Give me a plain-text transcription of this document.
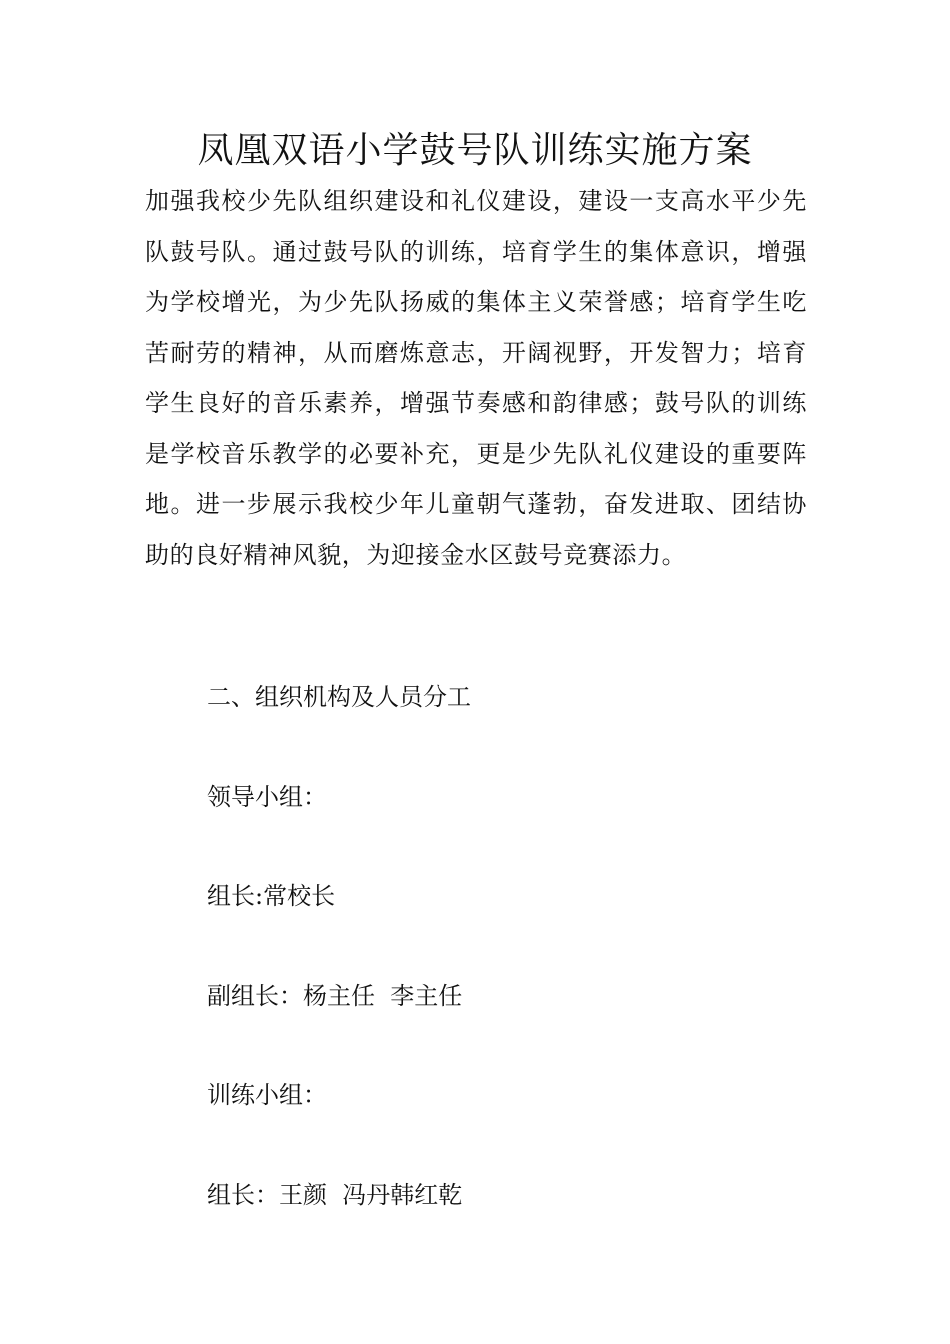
凤凰双语小学鼓号队训练实施方案

加强我校少先队组织建设和礼仪建设，建设一支高水平少先队鼓号队。通过鼓号队的训练，培育学生的集体意识，增强为学校增光，为少先队扬威的集体主义荣誉感；培育学生吃苦耐劳的精神，从而磨炼意志，开阔视野，开发智力；培育学生良好的音乐素养，增强节奏感和韵律感；鼓号队的训练是学校音乐教学的必要补充，更是少先队礼仪建设的重要阵地。进一步展示我校少年儿童朝气蓬勃，奋发进取、团结协助的良好精神风貌，为迎接金水区鼓号竞赛添力。

二、组织机构及人员分工

领导小组：

组长:常校长

副组长：杨主任  李主任

训练小组：

组长：王颜  冯丹韩红乾
